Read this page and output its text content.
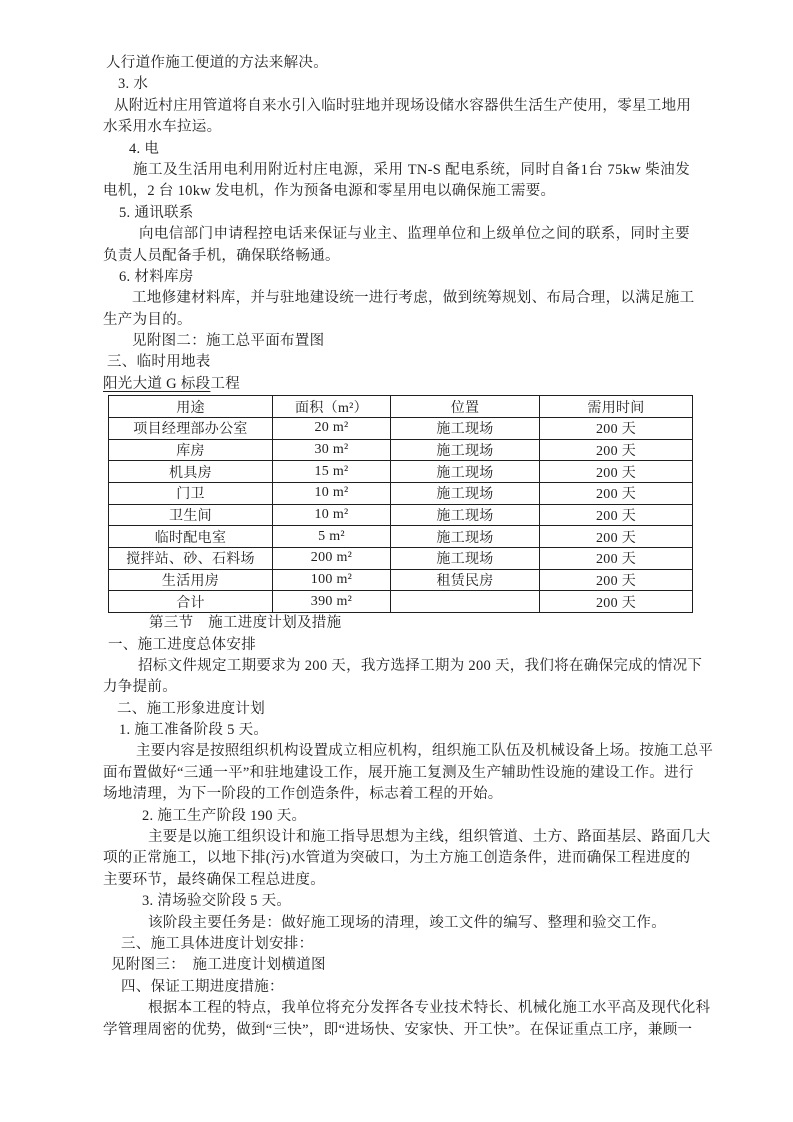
人行道作施工便道的方法来解决。
3. 水
从附近村庄用管道将自来水引入临时驻地并现场设储水容器供生活生产使用，零星工地用
水采用水车拉运。
4. 电
施工及生活用电利用附近村庄电源，采用 TN-S 配电系统，同时自备1台 75kw 柴油发
电机，2 台 10kw 发电机，作为预备电源和零星用电以确保施工需要。
5. 通讯联系
向电信部门申请程控电话来保证与业主、监理单位和上级单位之间的联系，同时主要
负责人员配备手机，确保联络畅通。
6. 材料库房
工地修建材料库，并与驻地建设统一进行考虑，做到统筹规划、布局合理，以满足施工
生产为目的。
见附图二：施工总平面布置图
三、临时用地表
阳光大道 G 标段工程
用途	面积（m²）	位置	需用时间
项目经理部办公室	20 m²	施工现场	200 天
库房	30 m²	施工现场	200 天
机具房	15 m²	施工现场	200 天
门卫	10 m²	施工现场	200 天
卫生间	10 m²	施工现场	200 天
临时配电室	5 m²	施工现场	200 天
搅拌站、砂、石料场	200 m²	施工现场	200 天
生活用房	100 m²	租赁民房	200 天
合计	390 m²		200 天
第三节　施工进度计划及措施
一、施工进度总体安排
招标文件规定工期要求为 200 天，我方选择工期为 200 天，我们将在确保完成的情况下
力争提前。
二、施工形象进度计划
1. 施工准备阶段 5 天。
主要内容是按照组织机构设置成立相应机构，组织施工队伍及机械设备上场。按施工总平
面布置做好“三通一平”和驻地建设工作，展开施工复测及生产辅助性设施的建设工作。进行
场地清理，为下一阶段的工作创造条件，标志着工程的开始。
2. 施工生产阶段 190 天。
主要是以施工组织设计和施工指导思想为主线，组织管道、土方、路面基层、路面几大
项的正常施工，以地下排(污)水管道为突破口，为土方施工创造条件，进而确保工程进度的
主要环节，最终确保工程总进度。
3. 清场验交阶段 5 天。
该阶段主要任务是：做好施工现场的清理，竣工文件的编写、整理和验交工作。
三、施工具体进度计划安排：
见附图三：　施工进度计划横道图
四、保证工期进度措施：
根据本工程的特点，我单位将充分发挥各专业技术特长、机械化施工水平高及现代化科
学管理周密的优势，做到“三快”，即“进场快、安家快、开工快”。在保证重点工序，兼顾一
